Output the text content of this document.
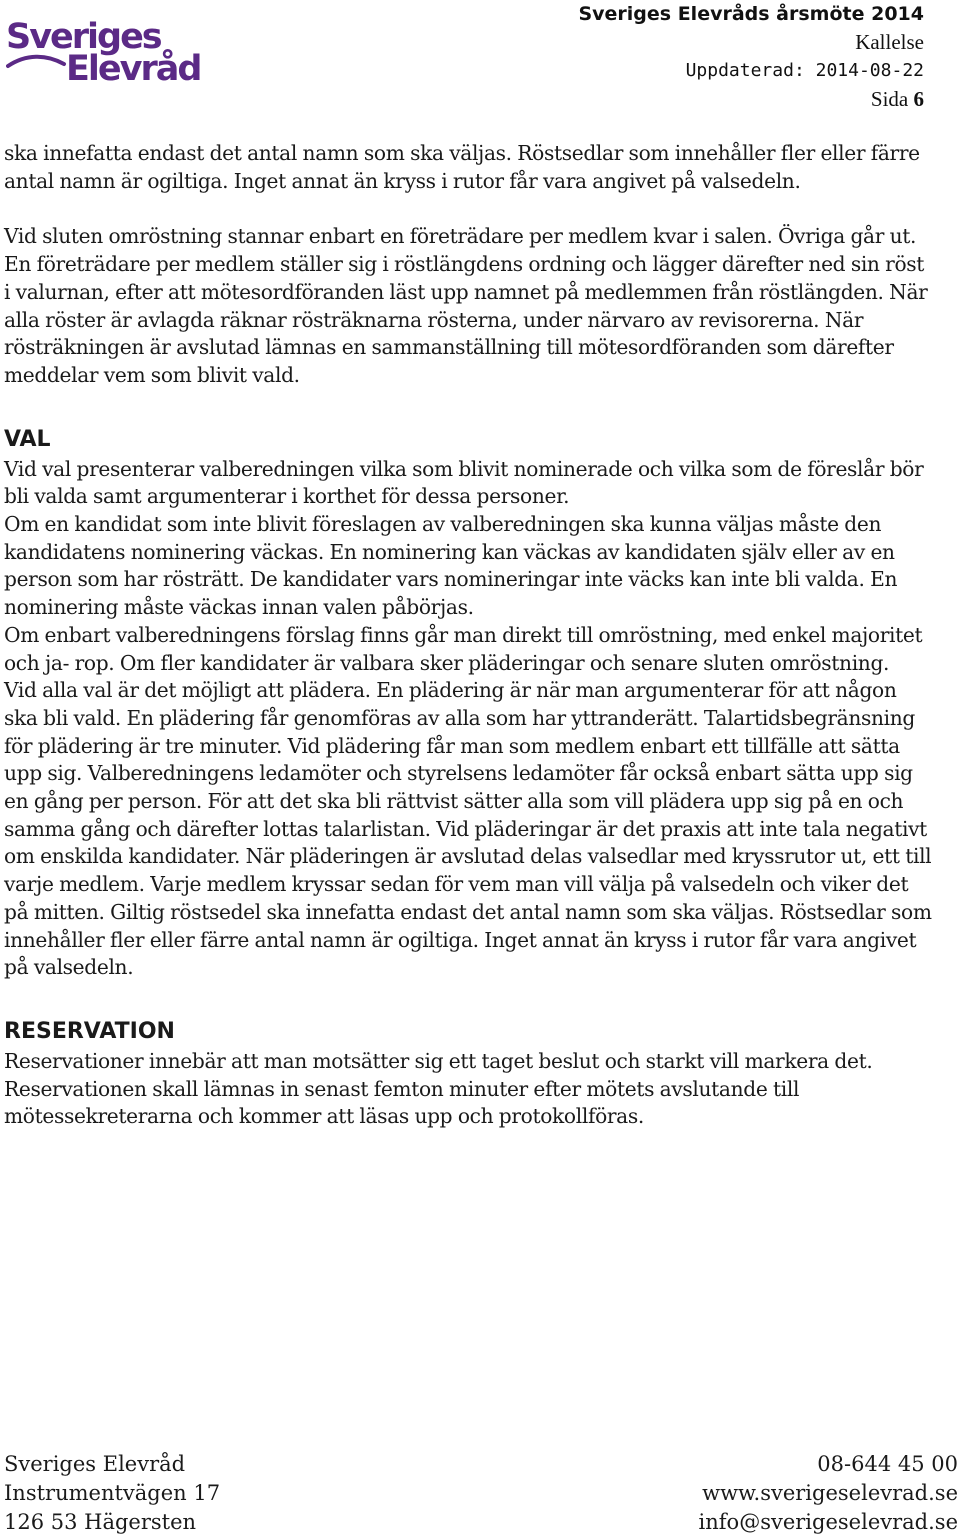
Sveriges
Elevråd
Sveriges Elevråds årsmöte 2014
Kallelse
Uppdaterad: 2014-08-22
Sida 6

ska innefatta endast det antal namn som ska väljas. Röstsedlar som innehåller fler eller färre antal namn är ogiltiga. Inget annat än kryss i rutor får vara angivet på valsedeln.

Vid sluten omröstning stannar enbart en företrädare per medlem kvar i salen. Övriga går ut. En företrädare per medlem ställer sig i röstlängdens ordning och lägger därefter ned sin röst i valurnan, efter att mötesordföranden läst upp namnet på medlemmen från röstlängden. När alla röster är avlagda räknar rösträknarna rösterna, under närvaro av revisorerna. När rösträkningen är avslutad lämnas en sammanställning till mötesordföranden som därefter meddelar vem som blivit vald.

VAL

Vid val presenterar valberedningen vilka som blivit nominerade och vilka som de föreslår bör bli valda samt argumenterar i korthet för dessa personer.

Om en kandidat som inte blivit föreslagen av valberedningen ska kunna väljas måste den kandidatens nominering väckas. En nominering kan väckas av kandidaten själv eller av en person som har rösträtt. De kandidater vars nomineringar inte väcks kan inte bli valda. En nominering måste väckas innan valen påbörjas.

Om enbart valberedningens förslag finns går man direkt till omröstning, med enkel majoritet och ja- rop. Om fler kandidater är valbara sker pläderingar och senare sluten omröstning.

Vid alla val är det möjligt att plädera. En plädering är när man argumenterar för att någon ska bli vald. En plädering får genomföras av alla som har yttranderätt. Talartidsbegränsning för plädering är tre minuter. Vid plädering får man som medlem enbart ett tillfälle att sätta upp sig. Valberedningens ledamöter och styrelsens ledamöter får också enbart sätta upp sig en gång per person. För att det ska bli rättvist sätter alla som vill plädera upp sig på en och samma gång och därefter lottas talarlistan. Vid pläderingar är det praxis att inte tala negativt om enskilda kandidater. När pläderingen är avslutad delas valsedlar med kryssrutor ut, ett till varje medlem. Varje medlem kryssar sedan för vem man vill välja på valsedeln och viker det på mitten. Giltig röstsedel ska innefatta endast det antal namn som ska väljas. Röstsedlar som innehåller fler eller färre antal namn är ogiltiga. Inget annat än kryss i rutor får vara angivet på valsedeln.

RESERVATION

Reservationer innebär att man motsätter sig ett taget beslut och starkt vill markera det. Reservationen skall lämnas in senast femton minuter efter mötets avslutande till mötessekreterarna och kommer att läsas upp och protokollföras.

Sveriges Elevråd
Instrumentvägen 17
126 53 Hägersten
08-644 45 00
www.sverigeselevrad.se
info@sverigeselevrad.se
